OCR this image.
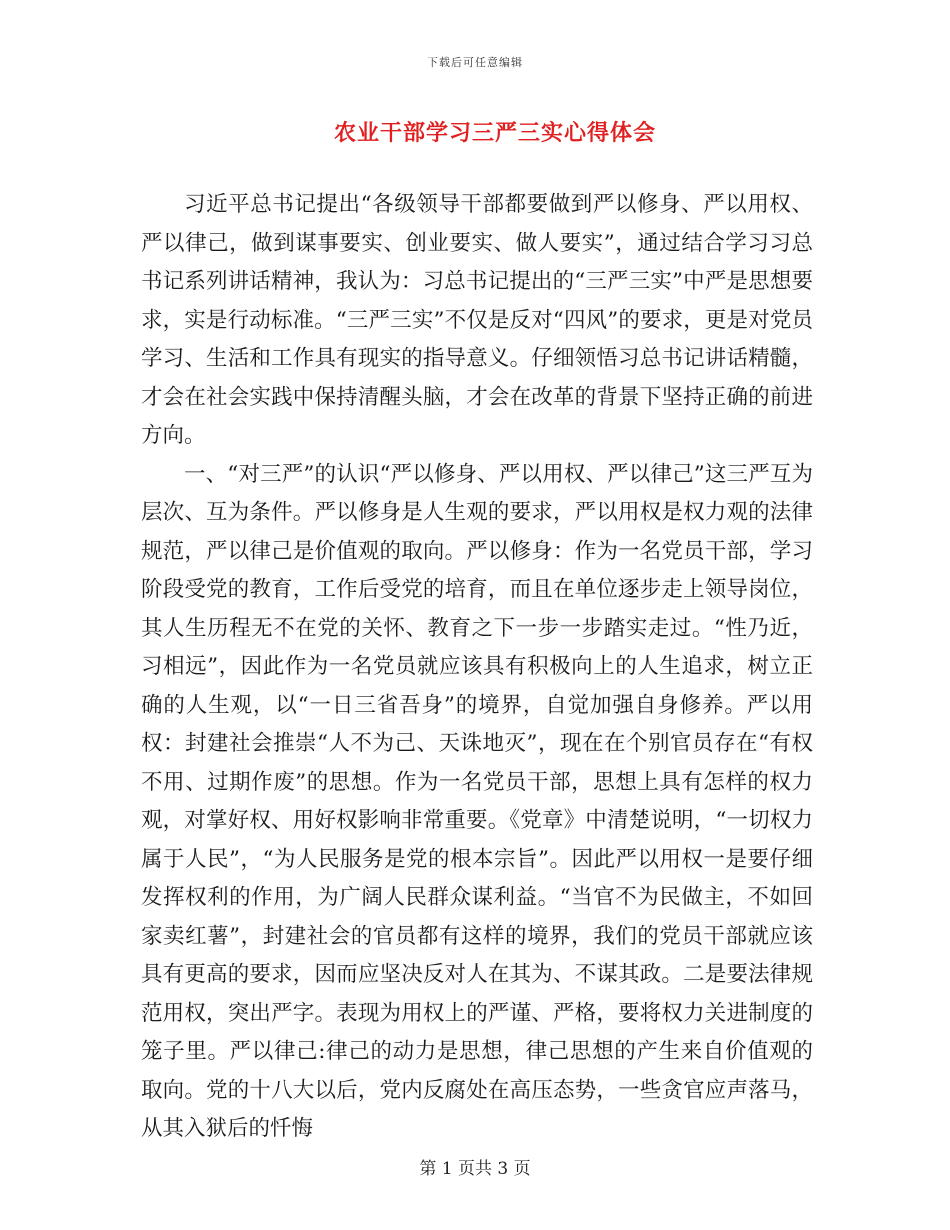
下载后可任意编辑
农业干部学习三严三实心得体会

习近平总书记提出“各级领导干部都要做到严以修身、严以用权、严以律己，做到谋事要实、创业要实、做人要实”，通过结合学习习总书记系列讲话精神，我认为：习总书记提出的“三严三实”中严是思想要求，实是行动标准。“三严三实”不仅是反对“四风”的要求，更是对党员学习、生活和工作具有现实的指导意义。仔细领悟习总书记讲话精髓，才会在社会实践中保持清醒头脑，才会在改革的背景下坚持正确的前进方向。

一、“对三严”的认识“严以修身、严以用权、严以律己”这三严互为层次、互为条件。严以修身是人生观的要求，严以用权是权力观的法律规范，严以律己是价值观的取向。严以修身：作为一名党员干部，学习阶段受党的教育，工作后受党的培育，而且在单位逐步走上领导岗位，其人生历程无不在党的关怀、教育之下一步一步踏实走过。“性乃近，习相远”，因此作为一名党员就应该具有积极向上的人生追求，树立正确的人生观，以“一日三省吾身”的境界，自觉加强自身修养。严以用权：封建社会推崇“人不为己、天诛地灭”，现在在个别官员存在“有权不用、过期作废”的思想。作为一名党员干部，思想上具有怎样的权力观，对掌好权、用好权影响非常重要。《党章》中清楚说明，“一切权力属于人民”，“为人民服务是党的根本宗旨”。因此严以用权一是要仔细发挥权利的作用，为广阔人民群众谋利益。“当官不为民做主，不如回家卖红薯”，封建社会的官员都有这样的境界，我们的党员干部就应该具有更高的要求，因而应坚决反对人在其为、不谋其政。二是要法律规范用权，突出严字。表现为用权上的严谨、严格，要将权力关进制度的笼子里。严以律己:律己的动力是思想，律己思想的产生来自价值观的取向。党的十八大以后，党内反腐处在高压态势，一些贪官应声落马，从其入狱后的忏悔

第 1 页共 3 页
